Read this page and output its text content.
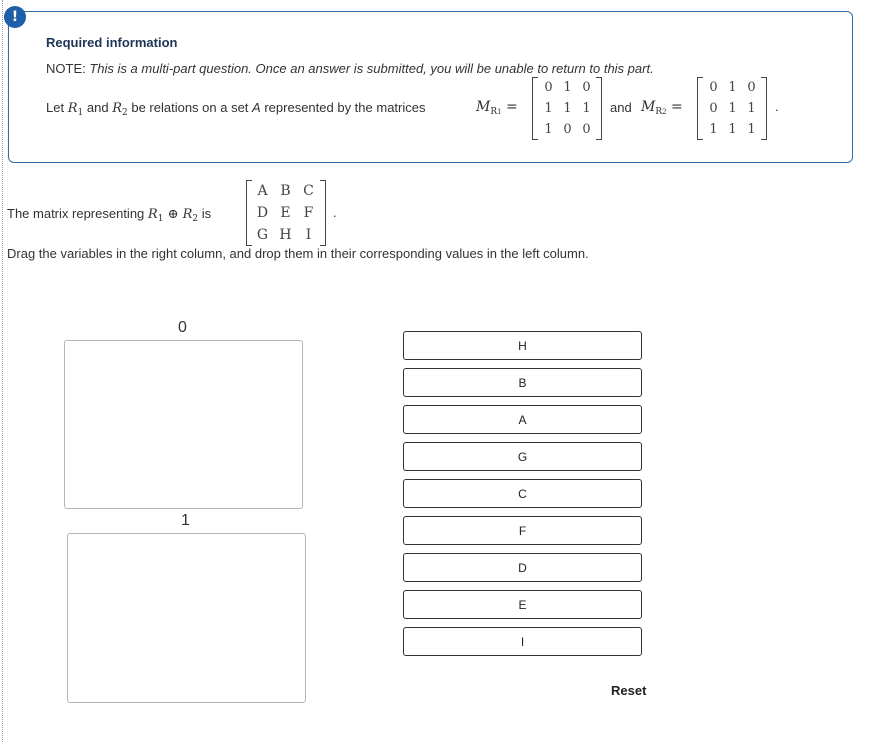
!
Required information
NOTE: This is a multi-part question. Once an answer is submitted, you will be unable to return to this part.
Let $R_1$ and $R_2$ be relations on a set A represented by the matrices	$M_{R1}$ =
0 1 0
1 1 1
1 0 0
and $M_{R2}$ =
0 1 0
0 1 1
1 1 1
.
The matrix representing $R_1$ ⊕ $R_2$ is
A B C
D E F
G H	I
.
Drag the variables in the right column, and drop them in their corresponding values in the left column.
0
1
H
B
A
G
C
F
D
E
I
Reset
